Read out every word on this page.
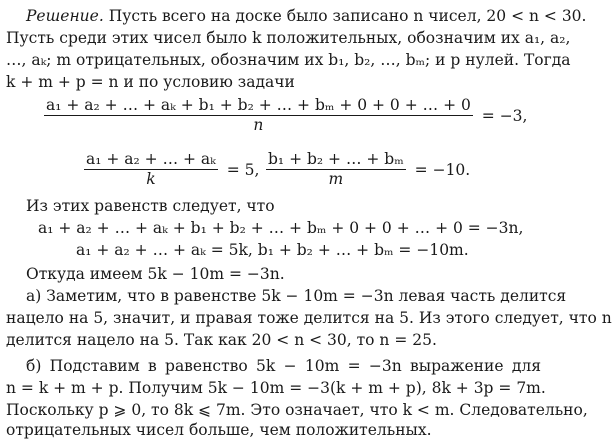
Решение. Пусть всего на доске было записано n чисел, 20 < n < 30.
Пусть среди этих чисел было k положительных, обозначим их a₁, a₂,
…, aₖ; m отрицательных, обозначим их b₁, b₂, …, bₘ; и p нулей. Тогда
k + m + p = n и по условию задачи
$\frac{\text{a₁ + a₂ + … + aₖ + b₁ + b₂ + … + bₘ + 0 + 0 + … + 0}}{n} = -3$,
$\frac{\text{a₁ + a₂ + … + aₖ}}{k} = 5$, $\frac{\text{b₁ + b₂ + … + bₘ}}{m} = -10$.
Из этих равенств следует, что
a₁ + a₂ + … + aₖ + b₁ + b₂ + … + bₘ + 0 + 0 + … + 0 = −3n,
a₁ + a₂ + … + aₖ = 5k, b₁ + b₂ + … + bₘ = −10m.
Откуда имеем 5k − 10m = −3n.
а) Заметим, что в равенстве 5k − 10m = −3n левая часть делится
нацело на 5, значит, и правая тоже делится на 5. Из этого следует, что n
делится нацело на 5. Так как 20 < n < 30, то n = 25.
б) Подставим в равенство 5k − 10m = −3n выражение для
n = k + m + p. Получим 5k − 10m = −3(k + m + p), 8k + 3p = 7m.
Поскольку p ⩾ 0, то 8k ⩽ 7m. Это означает, что k < m. Следовательно,
отрицательных чисел больше, чем положительных.
